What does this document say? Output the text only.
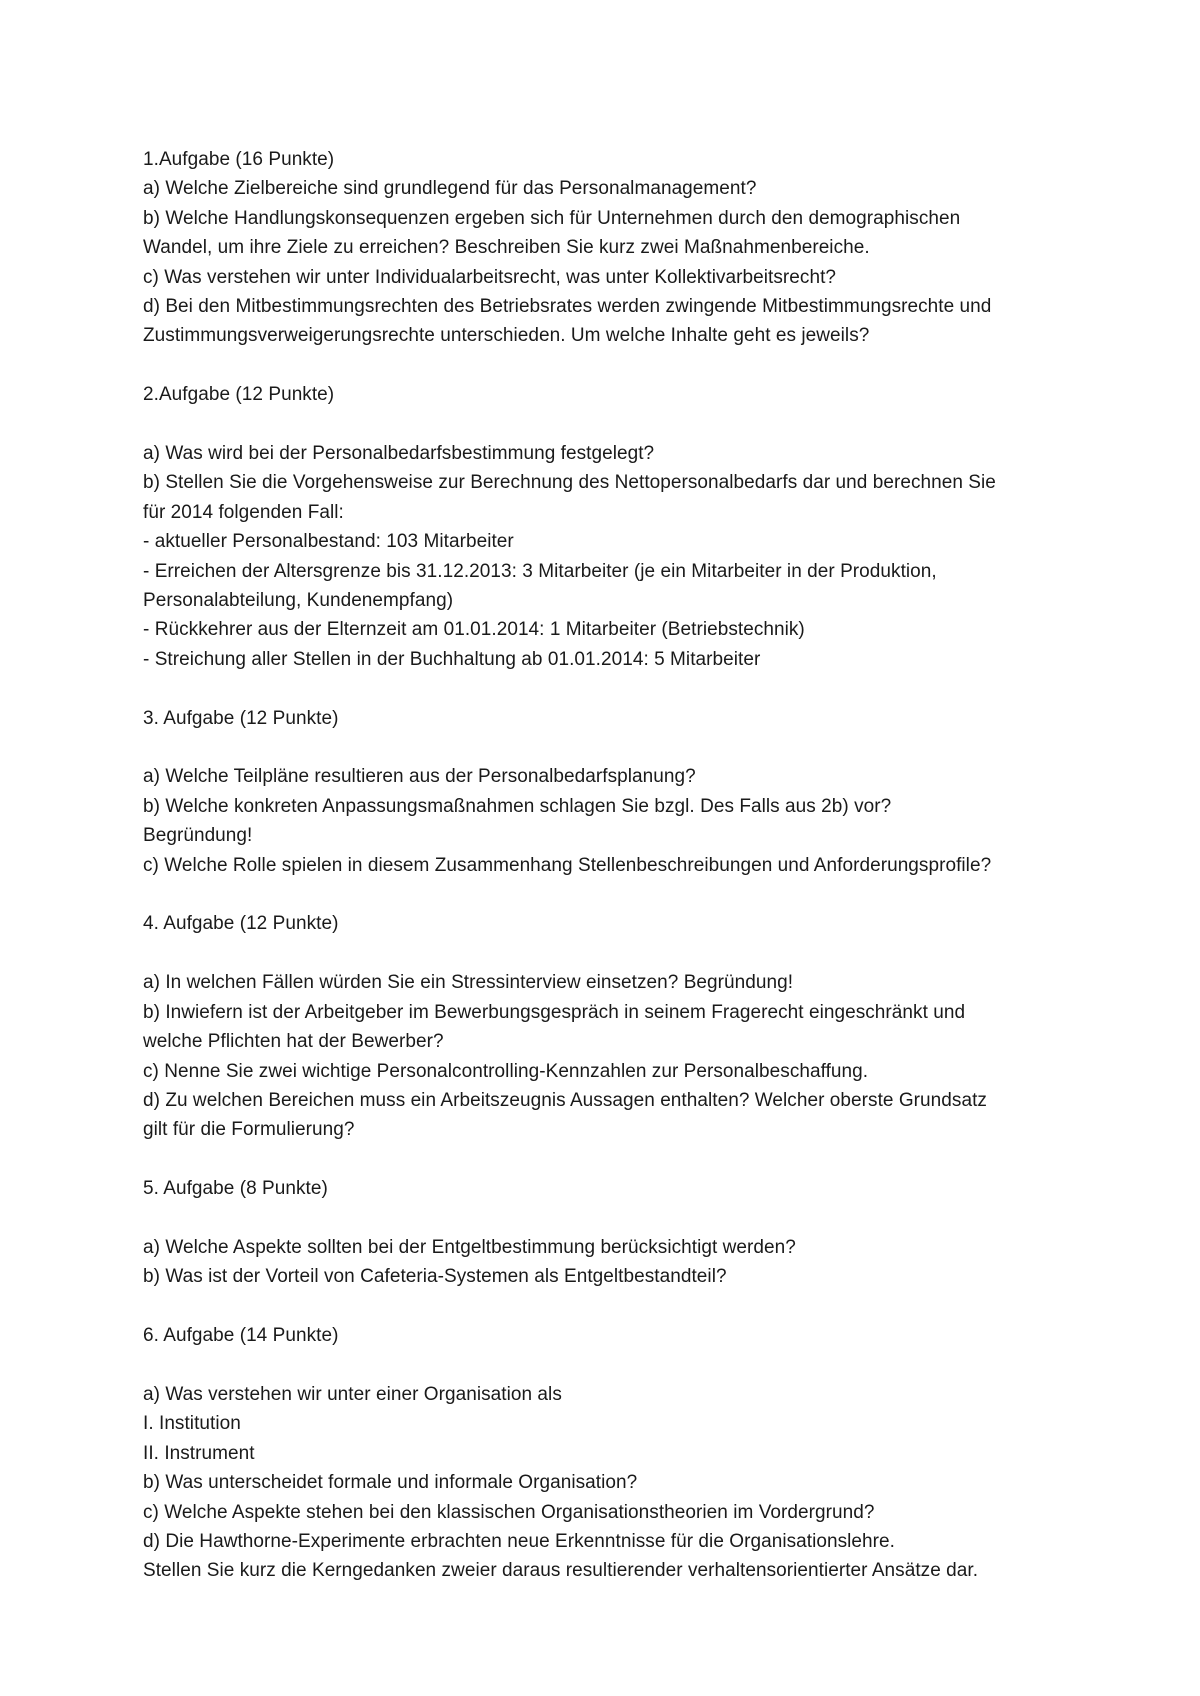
1.Aufgabe (16 Punkte)
a) Welche Zielbereiche sind grundlegend für das Personalmanagement?
b) Welche Handlungskonsequenzen ergeben sich für Unternehmen durch den demographischen
Wandel, um ihre Ziele zu erreichen? Beschreiben Sie kurz zwei Maßnahmenbereiche.
c) Was verstehen wir unter Individualarbeitsrecht, was unter Kollektivarbeitsrecht?
d) Bei den Mitbestimmungsrechten des Betriebsrates werden zwingende Mitbestimmungsrechte und
Zustimmungsverweigerungsrechte unterschieden. Um welche Inhalte geht es jeweils?
2.Aufgabe (12 Punkte)
a) Was wird bei der Personalbedarfsbestimmung festgelegt?
b) Stellen Sie die Vorgehensweise zur Berechnung des Nettopersonalbedarfs dar und berechnen Sie
für 2014 folgenden Fall:
- aktueller Personalbestand: 103 Mitarbeiter
- Erreichen der Altersgrenze bis 31.12.2013: 3 Mitarbeiter (je ein Mitarbeiter in der Produktion,
Personalabteilung, Kundenempfang)
- Rückkehrer aus der Elternzeit am 01.01.2014: 1 Mitarbeiter (Betriebstechnik)
- Streichung aller Stellen in der Buchhaltung ab 01.01.2014: 5 Mitarbeiter
3. Aufgabe (12 Punkte)
a) Welche Teilpläne resultieren aus der Personalbedarfsplanung?
b) Welche konkreten Anpassungsmaßnahmen schlagen Sie bzgl. Des Falls aus 2b) vor?
Begründung!
c) Welche Rolle spielen in diesem Zusammenhang Stellenbeschreibungen und Anforderungsprofile?
4. Aufgabe (12 Punkte)
a) In welchen Fällen würden Sie ein Stressinterview einsetzen? Begründung!
b) Inwiefern ist der Arbeitgeber im Bewerbungsgespräch in seinem Fragerecht eingeschränkt und
welche Pflichten hat der Bewerber?
c) Nenne Sie zwei wichtige Personalcontrolling-Kennzahlen zur Personalbeschaffung.
d) Zu welchen Bereichen muss ein Arbeitszeugnis Aussagen enthalten? Welcher oberste Grundsatz
gilt für die Formulierung?
5. Aufgabe (8 Punkte)
a) Welche Aspekte sollten bei der Entgeltbestimmung berücksichtigt werden?
b) Was ist der Vorteil von Cafeteria-Systemen als Entgeltbestandteil?
6. Aufgabe (14 Punkte)
a) Was verstehen wir unter einer Organisation als
I. Institution
II. Instrument
b) Was unterscheidet formale und informale Organisation?
c) Welche Aspekte stehen bei den klassischen Organisationstheorien im Vordergrund?
d) Die Hawthorne-Experimente erbrachten neue Erkenntnisse für die Organisationslehre.
Stellen Sie kurz die Kerngedanken zweier daraus resultierender verhaltensorientierter Ansätze dar.
